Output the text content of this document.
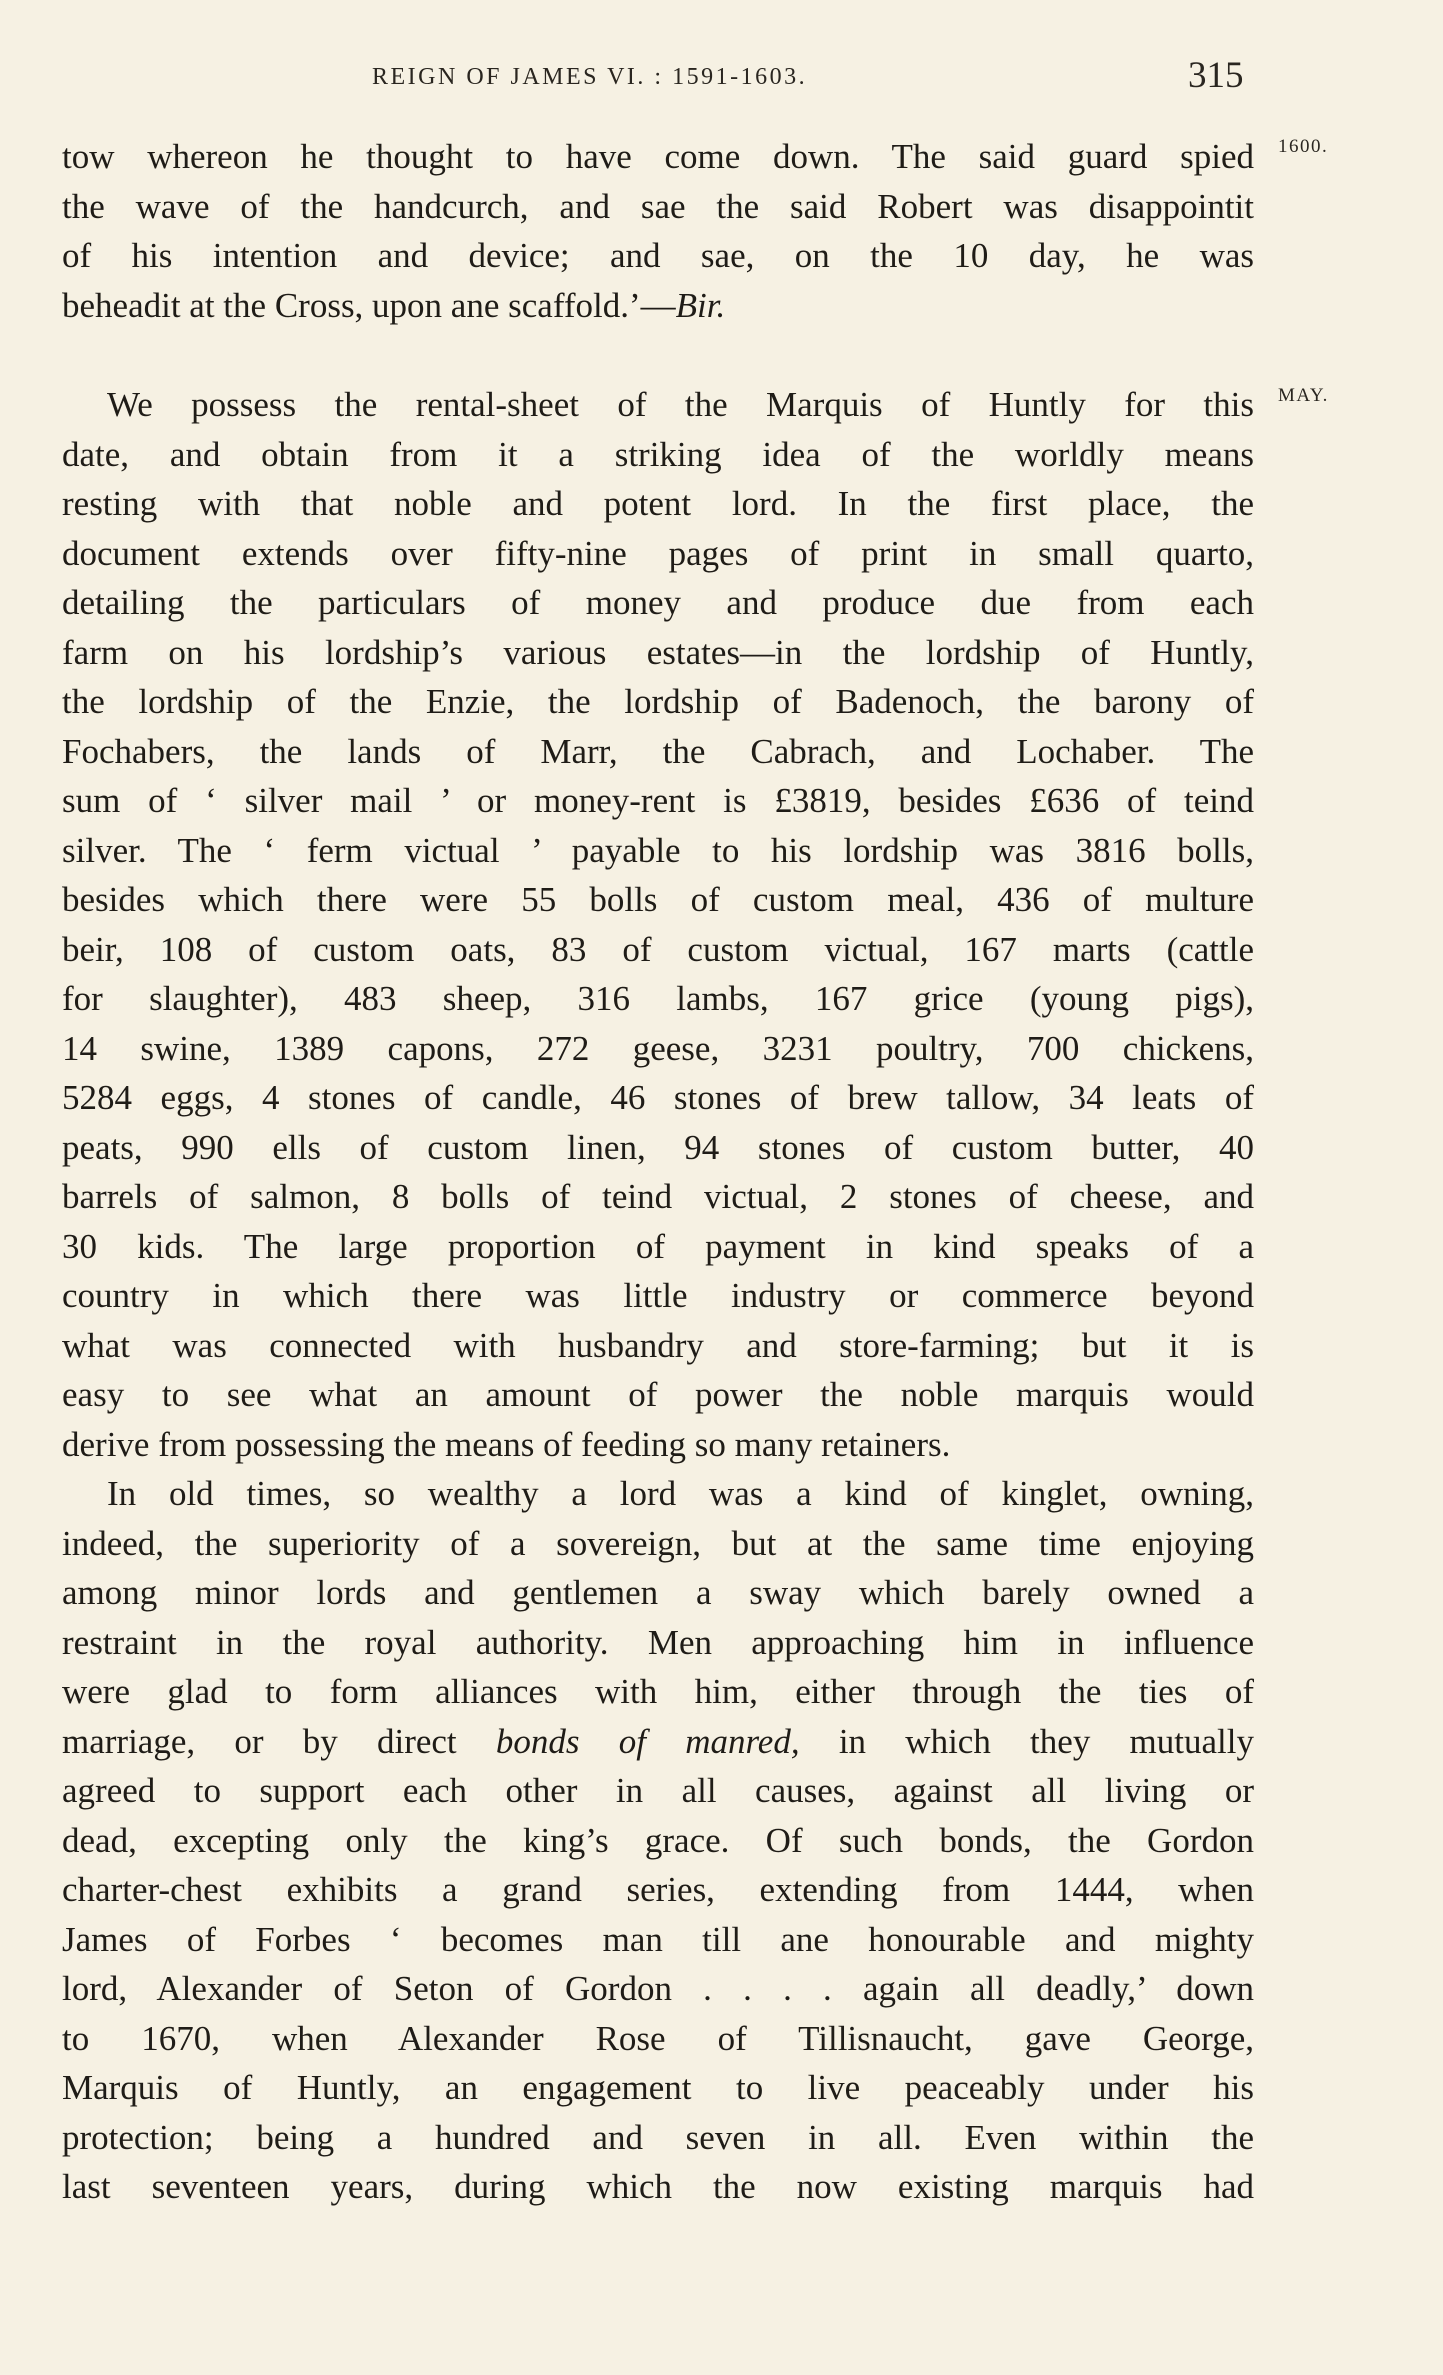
REIGN OF JAMES VI. : 1591-1603.	315
1600.
MAY.
tow whereon he thought to have come down. The said guard spied
the wave of the handcurch, and sae the said Robert was disappointit
of his intention and device; and sae, on the 10 day, he was
beheadit at the Cross, upon ane scaffold.’—Bir.
We possess the rental-sheet of the Marquis of Huntly for this
date, and obtain from it a striking idea of the worldly means
resting with that noble and potent lord. In the first place, the
document extends over fifty-nine pages of print in small quarto,
detailing the particulars of money and produce due from each
farm on his lordship’s various estates—in the lordship of Huntly,
the lordship of the Enzie, the lordship of Badenoch, the barony of
Fochabers, the lands of Marr, the Cabrach, and Lochaber. The
sum of ‘ silver mail ’ or money-rent is £3819, besides £636 of teind
silver. The ‘ ferm victual ’ payable to his lordship was 3816 bolls,
besides which there were 55 bolls of custom meal, 436 of multure
beir, 108 of custom oats, 83 of custom victual, 167 marts (cattle
for slaughter), 483 sheep, 316 lambs, 167 grice (young pigs),
14 swine, 1389 capons, 272 geese, 3231 poultry, 700 chickens,
5284 eggs, 4 stones of candle, 46 stones of brew tallow, 34 leats of
peats, 990 ells of custom linen, 94 stones of custom butter, 40
barrels of salmon, 8 bolls of teind victual, 2 stones of cheese, and
30 kids. The large proportion of payment in kind speaks of a
country in which there was little industry or commerce beyond
what was connected with husbandry and store-farming; but it is
easy to see what an amount of power the noble marquis would
derive from possessing the means of feeding so many retainers.
In old times, so wealthy a lord was a kind of kinglet, owning,
indeed, the superiority of a sovereign, but at the same time enjoying
among minor lords and gentlemen a sway which barely owned a
restraint in the royal authority. Men approaching him in influence
were glad to form alliances with him, either through the ties of
marriage, or by direct bonds of manred, in which they mutually
agreed to support each other in all causes, against all living or
dead, excepting only the king’s grace. Of such bonds, the Gordon
charter-chest exhibits a grand series, extending from 1444, when
James of Forbes ‘ becomes man till ane honourable and mighty
lord, Alexander of Seton of Gordon . . . . again all deadly,’ down
to 1670, when Alexander Rose of Tillisnaucht, gave George,
Marquis of Huntly, an engagement to live peaceably under his
protection; being a hundred and seven in all. Even within the
last seventeen years, during which the now existing marquis had
